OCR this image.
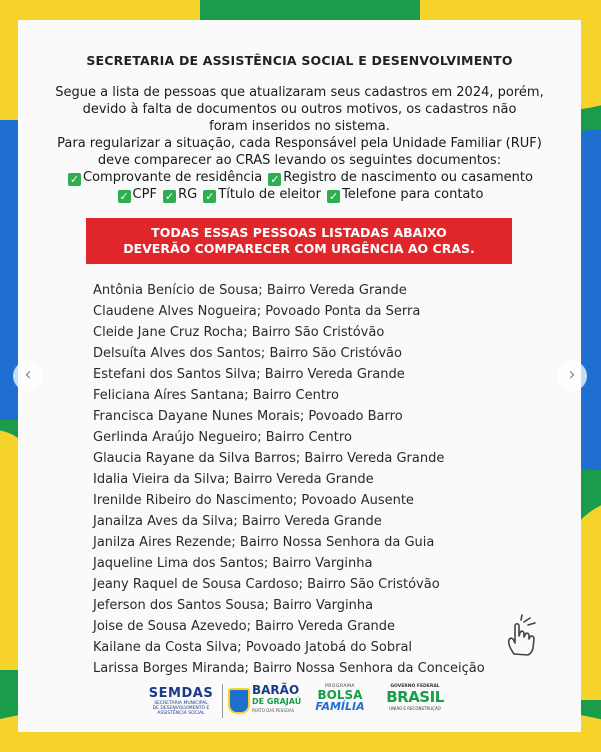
SECRETARIA DE ASSISTÊNCIA SOCIAL E DESENVOLVIMENTO
Segue a lista de pessoas que atualizaram seus cadastros em 2024, porém,
devido à falta de documentos ou outros motivos, os cadastros não
foram inseridos no sistema.
Para regularizar a situação, cada Responsável pela Unidade Familiar (RUF)
deve comparecer ao CRAS levando os seguintes documentos:
✓ Comprovante de residência ✓ Registro de nascimento ou casamento
✓ CPF ✓ RG ✓ Título de eleitor ✓ Telefone para contato
TODAS ESSAS PESSOAS LISTADAS ABAIXO
DEVERÃO COMPARECER COM URGÊNCIA AO CRAS.
Antônia Benício de Sousa; Bairro Vereda Grande
Claudene Alves Nogueira; Povoado Ponta da Serra
Cleide Jane Cruz Rocha; Bairro São Cristóvão
Delsuíta Alves dos Santos; Bairro São Cristóvão
Estefani dos Santos Silva; Bairro Vereda Grande
Feliciana Aíres Santana; Bairro Centro
Francisca Dayane Nunes Morais; Povoado Barro
Gerlinda Araújo Negueiro; Bairro Centro
Glaucia Rayane da Silva Barros; Bairro Vereda Grande
Idalia Vieira da Silva; Bairro Vereda Grande
Irenilde Ribeiro do Nascimento; Povoado Ausente
Janailza Aves da Silva; Bairro Vereda Grande
Janilza Aires Rezende; Bairro Nossa Senhora da Guia
Jaqueline Lima dos Santos; Bairro Varginha
Jeany Raquel de Sousa Cardoso; Bairro São Cristóvão
Jeferson dos Santos Sousa; Bairro Varginha
Joise de Sousa Azevedo; Bairro Vereda Grande
Kailane da Costa Silva; Povoado Jatobá do Sobral
Larissa Borges Miranda; Bairro Nossa Senhora da Conceição
SEMDAS
SECRETARIA MUNICIPAL
DE DESENVOLVIMENTO E
ASSISTÊNCIA SOCIAL
BARÃO
DE GRAJAÚ
PERTO DAS PESSOAS
PROGRAMA
BOLSA
FAMÍLIA
GOVERNO FEDERAL
BRASIL
UNIÃO E RECONSTRUÇÃO
‹	›
